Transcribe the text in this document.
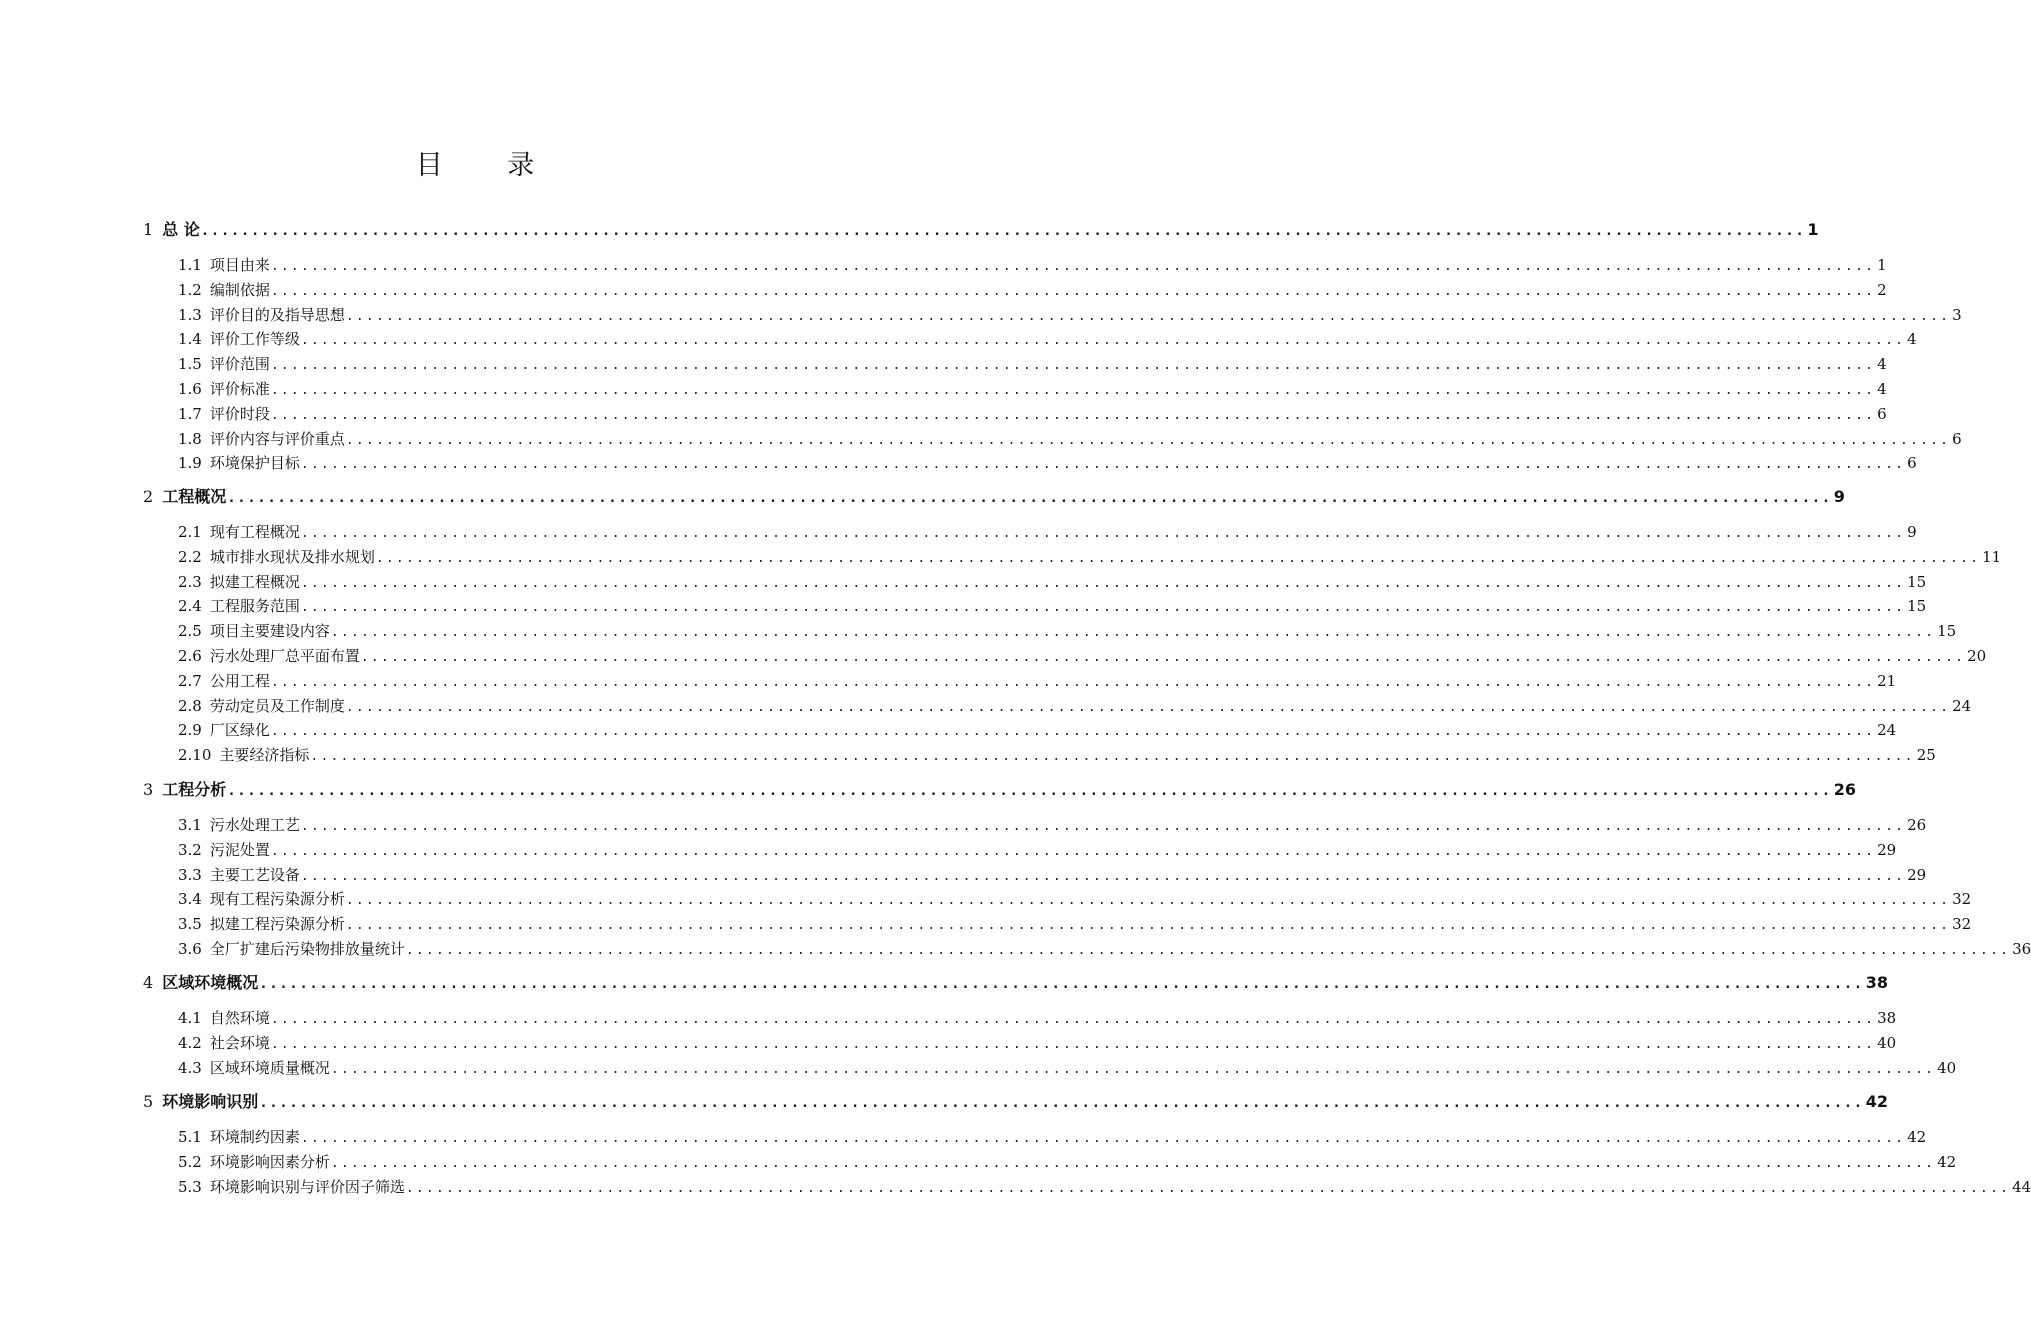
目 录
1 总 论 ................................................................................................................................................................ 1
1.1 项目由来 ................................................................................................................................................................ 1
1.2 编制依据 ................................................................................................................................................................ 2
1.3 评价目的及指导思想 ................................................................................................................................................................ 3
1.4 评价工作等级 ................................................................................................................................................................ 4
1.5 评价范围 ................................................................................................................................................................ 4
1.6 评价标准 ................................................................................................................................................................ 4
1.7 评价时段 ................................................................................................................................................................ 6
1.8 评价内容与评价重点 ................................................................................................................................................................ 6
1.9 环境保护目标 ................................................................................................................................................................ 6
2 工程概况 ................................................................................................................................................................ 9
2.1 现有工程概况 ................................................................................................................................................................ 9
2.2 城市排水现状及排水规划 ................................................................................................................................................................ 11
2.3 拟建工程概况 ................................................................................................................................................................ 15
2.4 工程服务范围 ................................................................................................................................................................ 15
2.5 项目主要建设内容 ................................................................................................................................................................ 15
2.6 污水处理厂总平面布置 ................................................................................................................................................................ 20
2.7 公用工程 ................................................................................................................................................................ 21
2.8 劳动定员及工作制度 ................................................................................................................................................................ 24
2.9 厂区绿化 ................................................................................................................................................................ 24
2.10 主要经济指标 ................................................................................................................................................................ 25
3 工程分析 ................................................................................................................................................................ 26
3.1 污水处理工艺 ................................................................................................................................................................ 26
3.2 污泥处置 ................................................................................................................................................................ 29
3.3 主要工艺设备 ................................................................................................................................................................ 29
3.4 现有工程污染源分析 ................................................................................................................................................................ 32
3.5 拟建工程污染源分析 ................................................................................................................................................................ 32
3.6 全厂扩建后污染物排放量统计 ................................................................................................................................................................ 36
4 区域环境概况 ................................................................................................................................................................ 38
4.1 自然环境 ................................................................................................................................................................ 38
4.2 社会环境 ................................................................................................................................................................ 40
4.3 区域环境质量概况 ................................................................................................................................................................ 40
5 环境影响识别 ................................................................................................................................................................ 42
5.1 环境制约因素 ................................................................................................................................................................ 42
5.2 环境影响因素分析 ................................................................................................................................................................ 42
5.3 环境影响识别与评价因子筛选 ................................................................................................................................................................ 44
